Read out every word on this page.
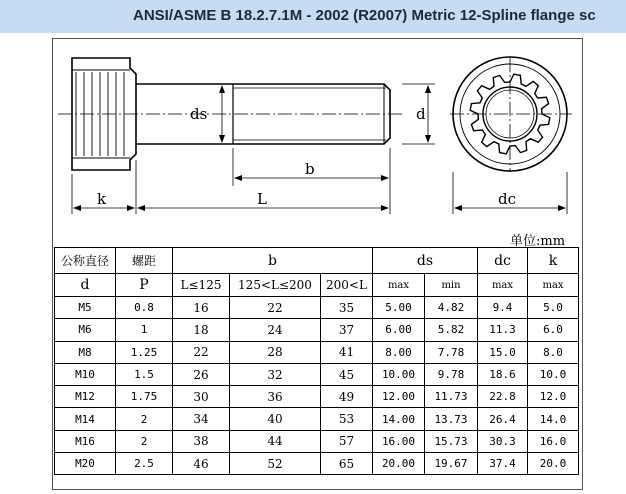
ANSI/ASME B 18.2.7.1M - 2002 (R2007) Metric 12-Spline flange sc
ds	d
b
k	L	dc
单位:mm
公称直径	螺距	b			ds		dc	k
d	P	L≤125	125<L≤200	200<L	max	min	max	max
M5	0.8	16	22	35	5.00	4.82	9.4	5.0
M6	1	18	24	37	6.00	5.82	11.3	6.0
M8	1.25	22	28	41	8.00	7.78	15.0	8.0
M10	1.5	26	32	45	10.00	9.78	18.6	10.0
M12	1.75	30	36	49	12.00	11.73	22.8	12.0
M14	2	34	40	53	14.00	13.73	26.4	14.0
M16	2	38	44	57	16.00	15.73	30.3	16.0
M20	2.5	46	52	65	20.00	19.67	37.4	20.0
